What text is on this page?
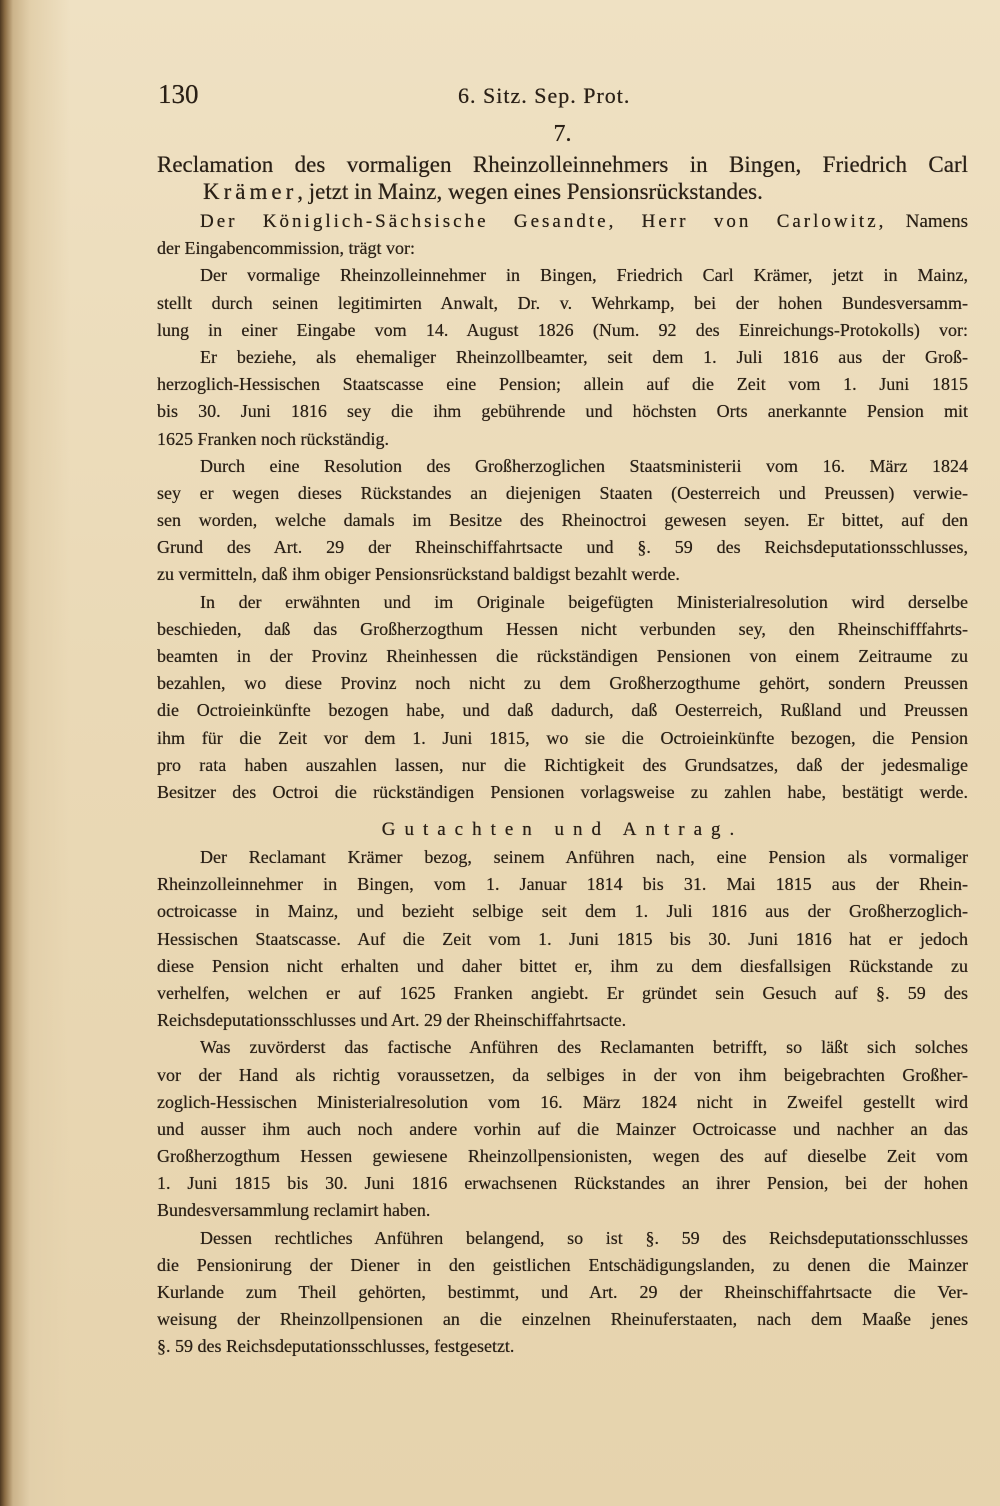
130	6. Sitz. Sep. Prot.
7.
Reclamation des vormaligen Rheinzolleinnehmers in Bingen, Friedrich Carl
Krämer, jetzt in Mainz, wegen eines Pensionsrückstandes.
Der Königlich-Sächsische Gesandte, Herr von Carlowitz, Namens
der Eingabencommission, trägt vor:
Der vormalige Rheinzolleinnehmer in Bingen, Friedrich Carl Krämer, jetzt in Mainz,
stellt durch seinen legitimirten Anwalt, Dr. v. Wehrkamp, bei der hohen Bundesversamm-
lung in einer Eingabe vom 14. August 1826 (Num. 92 des Einreichungs-Protokolls) vor:
Er beziehe, als ehemaliger Rheinzollbeamter, seit dem 1. Juli 1816 aus der Groß-
herzoglich-Hessischen Staatscasse eine Pension; allein auf die Zeit vom 1. Juni 1815
bis 30. Juni 1816 sey die ihm gebührende und höchsten Orts anerkannte Pension mit
1625 Franken noch rückständig.
Durch eine Resolution des Großherzoglichen Staatsministerii vom 16. März 1824
sey er wegen dieses Rückstandes an diejenigen Staaten (Oesterreich und Preussen) verwie-
sen worden, welche damals im Besitze des Rheinoctroi gewesen seyen. Er bittet, auf den
Grund des Art. 29 der Rheinschiffahrtsacte und §. 59 des Reichsdeputationsschlusses,
zu vermitteln, daß ihm obiger Pensionsrückstand baldigst bezahlt werde.
In der erwähnten und im Originale beigefügten Ministerialresolution wird derselbe
beschieden, daß das Großherzogthum Hessen nicht verbunden sey, den Rheinschifffahrts-
beamten in der Provinz Rheinhessen die rückständigen Pensionen von einem Zeitraume zu
bezahlen, wo diese Provinz noch nicht zu dem Großherzogthume gehört, sondern Preussen
die Octroieinkünfte bezogen habe, und daß dadurch, daß Oesterreich, Rußland und Preussen
ihm für die Zeit vor dem 1. Juni 1815, wo sie die Octroieinkünfte bezogen, die Pension
pro rata haben auszahlen lassen, nur die Richtigkeit des Grundsatzes, daß der jedesmalige
Besitzer des Octroi die rückständigen Pensionen vorlagsweise zu zahlen habe, bestätigt werde.
Gutachten und Antrag.
Der Reclamant Krämer bezog, seinem Anführen nach, eine Pension als vormaliger
Rheinzolleinnehmer in Bingen, vom 1. Januar 1814 bis 31. Mai 1815 aus der Rhein-
octroicasse in Mainz, und bezieht selbige seit dem 1. Juli 1816 aus der Großherzoglich-
Hessischen Staatscasse. Auf die Zeit vom 1. Juni 1815 bis 30. Juni 1816 hat er jedoch
diese Pension nicht erhalten und daher bittet er, ihm zu dem diesfallsigen Rückstande zu
verhelfen, welchen er auf 1625 Franken angiebt. Er gründet sein Gesuch auf §. 59 des
Reichsdeputationsschlusses und Art. 29 der Rheinschiffahrtsacte.
Was zuvörderst das factische Anführen des Reclamanten betrifft, so läßt sich solches
vor der Hand als richtig voraussetzen, da selbiges in der von ihm beigebrachten Großher-
zoglich-Hessischen Ministerialresolution vom 16. März 1824 nicht in Zweifel gestellt wird
und ausser ihm auch noch andere vorhin auf die Mainzer Octroicasse und nachher an das
Großherzogthum Hessen gewiesene Rheinzollpensionisten, wegen des auf dieselbe Zeit vom
1. Juni 1815 bis 30. Juni 1816 erwachsenen Rückstandes an ihrer Pension, bei der hohen
Bundesversammlung reclamirt haben.
Dessen rechtliches Anführen belangend, so ist §. 59 des Reichsdeputationsschlusses
die Pensionirung der Diener in den geistlichen Entschädigungslanden, zu denen die Mainzer
Kurlande zum Theil gehörten, bestimmt, und Art. 29 der Rheinschiffahrtsacte die Ver-
weisung der Rheinzollpensionen an die einzelnen Rheinuferstaaten, nach dem Maaße jenes
§. 59 des Reichsdeputationsschlusses, festgesetzt.
